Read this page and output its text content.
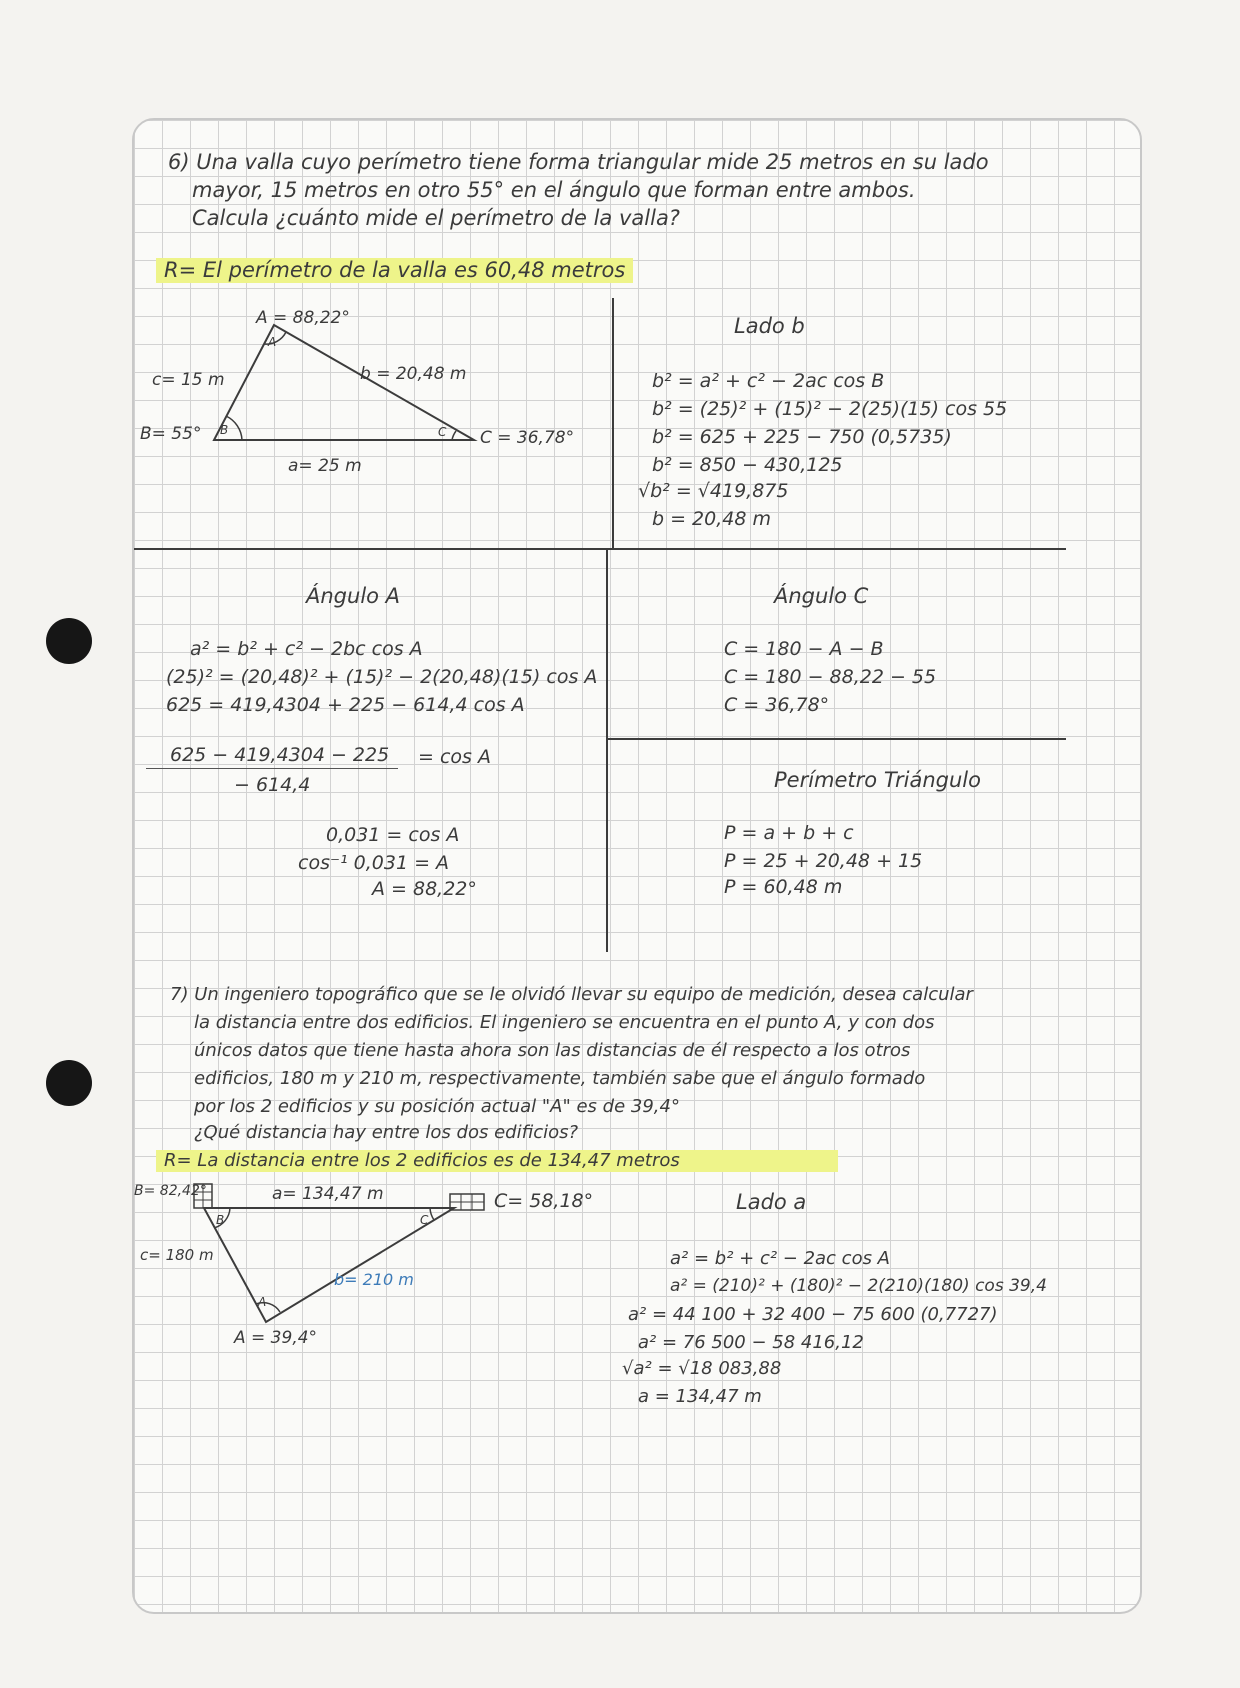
6) Una valla cuyo perímetro tiene forma triangular mide 25 metros en su lado
mayor, 15 metros en otro 55° en el ángulo que forman entre ambos.
Calcula ¿cuánto mide el perímetro de la valla?
R= El perímetro de la valla es 60,48 metros
A
B	C
A = 88,22°
b = 20,48 m
c= 15 m
B= 55°	C = 36,78°
a= 25 m
Lado b
b² = a² + c² − 2ac cos B
b² = (25)² + (15)² − 2(25)(15) cos 55
b² = 625 + 225 − 750 (0,5735)
b² = 850 − 430,125
√b² = √419,875
b = 20,48 m
Ángulo A
a² = b² + c² − 2bc cos A
(25)² = (20,48)² + (15)² − 2(20,48)(15) cos A
625 = 419,4304 + 225 − 614,4 cos A
625 − 419,4304 − 225 = cos A
− 614,4
0,031 = cos A
cos⁻¹ 0,031 = A
A = 88,22°
Ángulo C
C = 180 − A − B
C = 180 − 88,22 − 55
C = 36,78°
Perímetro Triángulo
P = a + b + c
P = 25 + 20,48 + 15
P = 60,48 m
7) Un ingeniero topográfico que se le olvidó llevar su equipo de medición, desea calcular
la distancia entre dos edificios. El ingeniero se encuentra en el punto A, y con dos
únicos datos que tiene hasta ahora son las distancias de él respecto a los otros
edificios, 180 m y 210 m, respectivamente, también sabe que el ángulo formado
por los 2 edificios y su posición actual "A" es de 39,4°
¿Qué distancia hay entre los dos edificios?
R= La distancia entre los 2 edificios es de 134,47 metros
A
B	C
B= 82,42°	a= 134,47 m	C= 58,18°
c= 180 m
b= 210 m
A = 39,4°
Lado a
a² = b² + c² − 2ac cos A
a² = (210)² + (180)² − 2(210)(180) cos 39,4
a² = 44 100 + 32 400 − 75 600 (0,7727)
a² = 76 500 − 58 416,12
√a² = √18 083,88
a = 134,47 m
